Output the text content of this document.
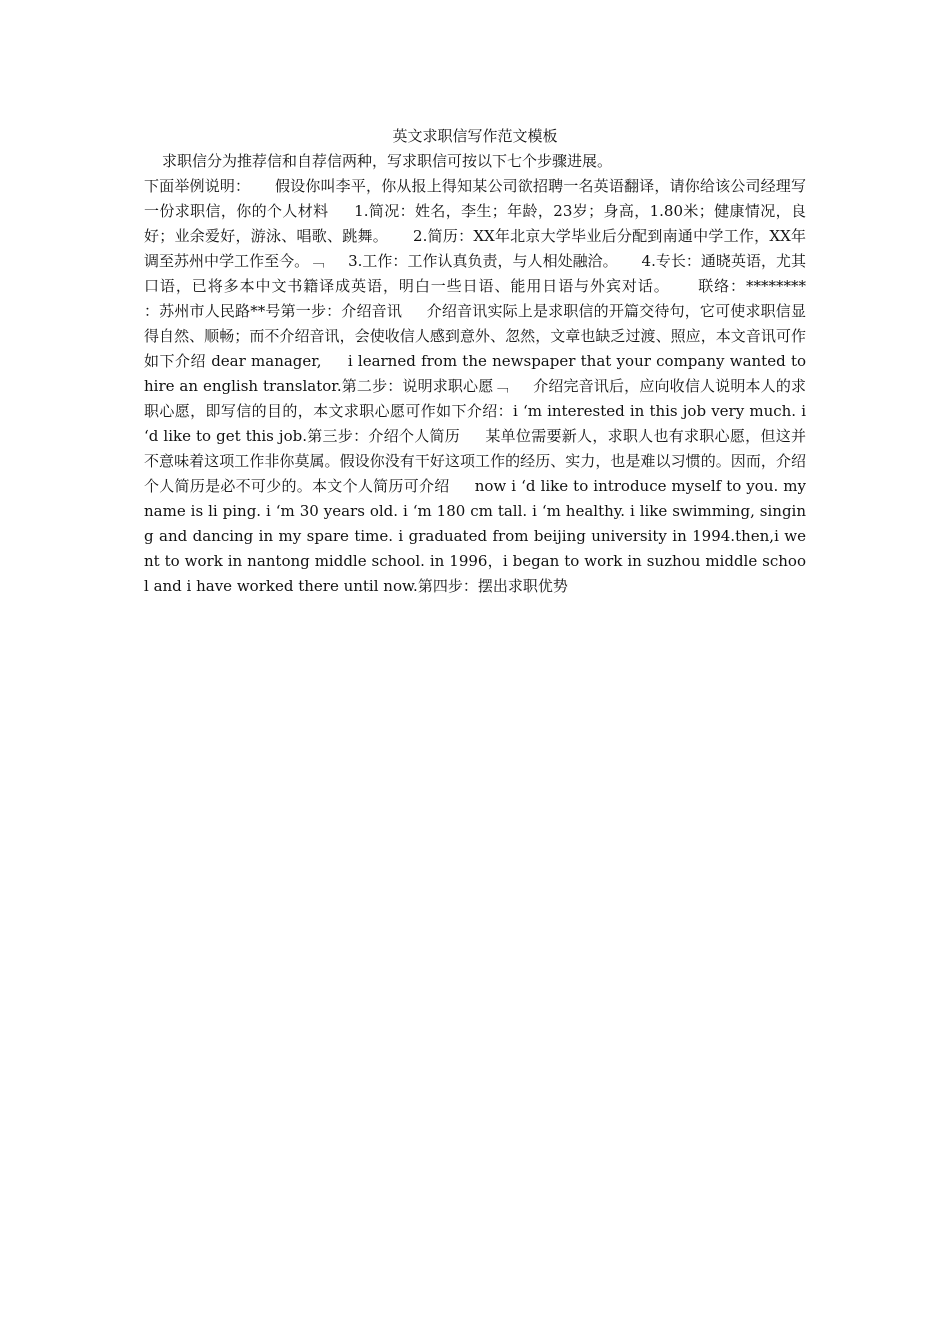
英文求职信写作范文模板

求职信分为推荐信和自荐信两种，写求职信可按以下七个步骤进展。

下面举例说明：     假设你叫李平，你从报上得知某公司欲招聘一名英语翻译，请你给该公司经理写一份求职信，你的个人材料     1.简况：姓名，李生；年龄，23岁；身高，1.80米；健康情况，良好；业余爱好，游泳、唱歌、跳舞。     2.简历：XX年北京大学毕业后分配到南通中学工作，XX年调至苏州中学工作至今。﹁     3.工作：工作认真负责，与人相处融洽。     4.专长：通晓英语，尤其口语，已将多本中文书籍译成英语，明白一些日语、能用日语与外宾对话。     联络：********     ：苏州市人民路**号第一步：介绍音讯     介绍音讯实际上是求职信的开篇交待句，它可使求职信显得自然、顺畅；而不介绍音讯，会使收信人感到意外、忽然，文章也缺乏过渡、照应，本文音讯可作如下介绍 dear manager,     i learned from the newspaper that your company wanted to hire an english translator.第二步：说明求职心愿﹁     介绍完音讯后，应向收信人说明本人的求职心愿，即写信的目的，本文求职心愿可作如下介绍：i ‘m interested in this job very much. i ‘d like to get this job.第三步：介绍个人简历     某单位需要新人，求职人也有求职心愿，但这并不意味着这项工作非你莫属。假设你没有干好这项工作的经历、实力，也是难以习惯的。因而，介绍个人简历是必不可少的。本文个人简历可介绍     now i ‘d like to introduce myself to you. my name is li ping. i ‘m 30 years old. i ‘m 180 cm tall. i ‘m healthy. i like swimming, singing and dancing in my spare time. i graduated from beijing university in 1994.then,i went to work in nantong middle school. in 1996，i began to work in suzhou middle school and i have worked there until now.第四步：摆出求职优势
